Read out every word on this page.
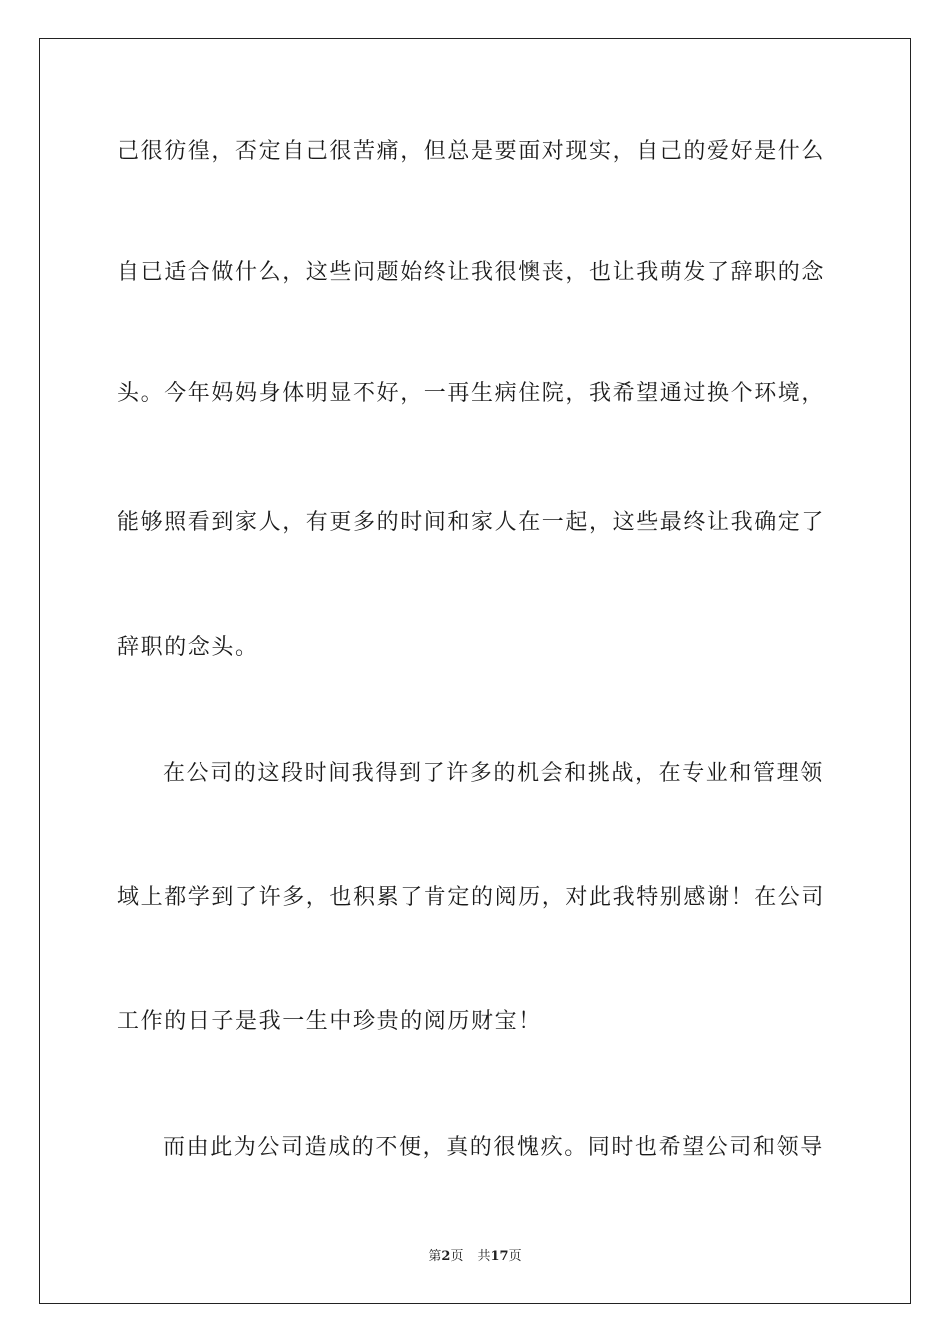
己很彷徨，否定自己很苦痛，但总是要面对现实，自己的爱好是什么
自已适合做什么，这些问题始终让我很懊丧，也让我萌发了辞职的念
头。今年妈妈身体明显不好，一再生病住院，我希望通过换个环境，
能够照看到家人，有更多的时间和家人在一起，这些最终让我确定了
辞职的念头。
在公司的这段时间我得到了许多的机会和挑战，在专业和管理领
域上都学到了许多，也积累了肯定的阅历，对此我特别感谢！在公司
工作的日子是我一生中珍贵的阅历财宝！
而由此为公司造成的不便，真的很愧疚。同时也希望公司和领导
第2页 共17页
